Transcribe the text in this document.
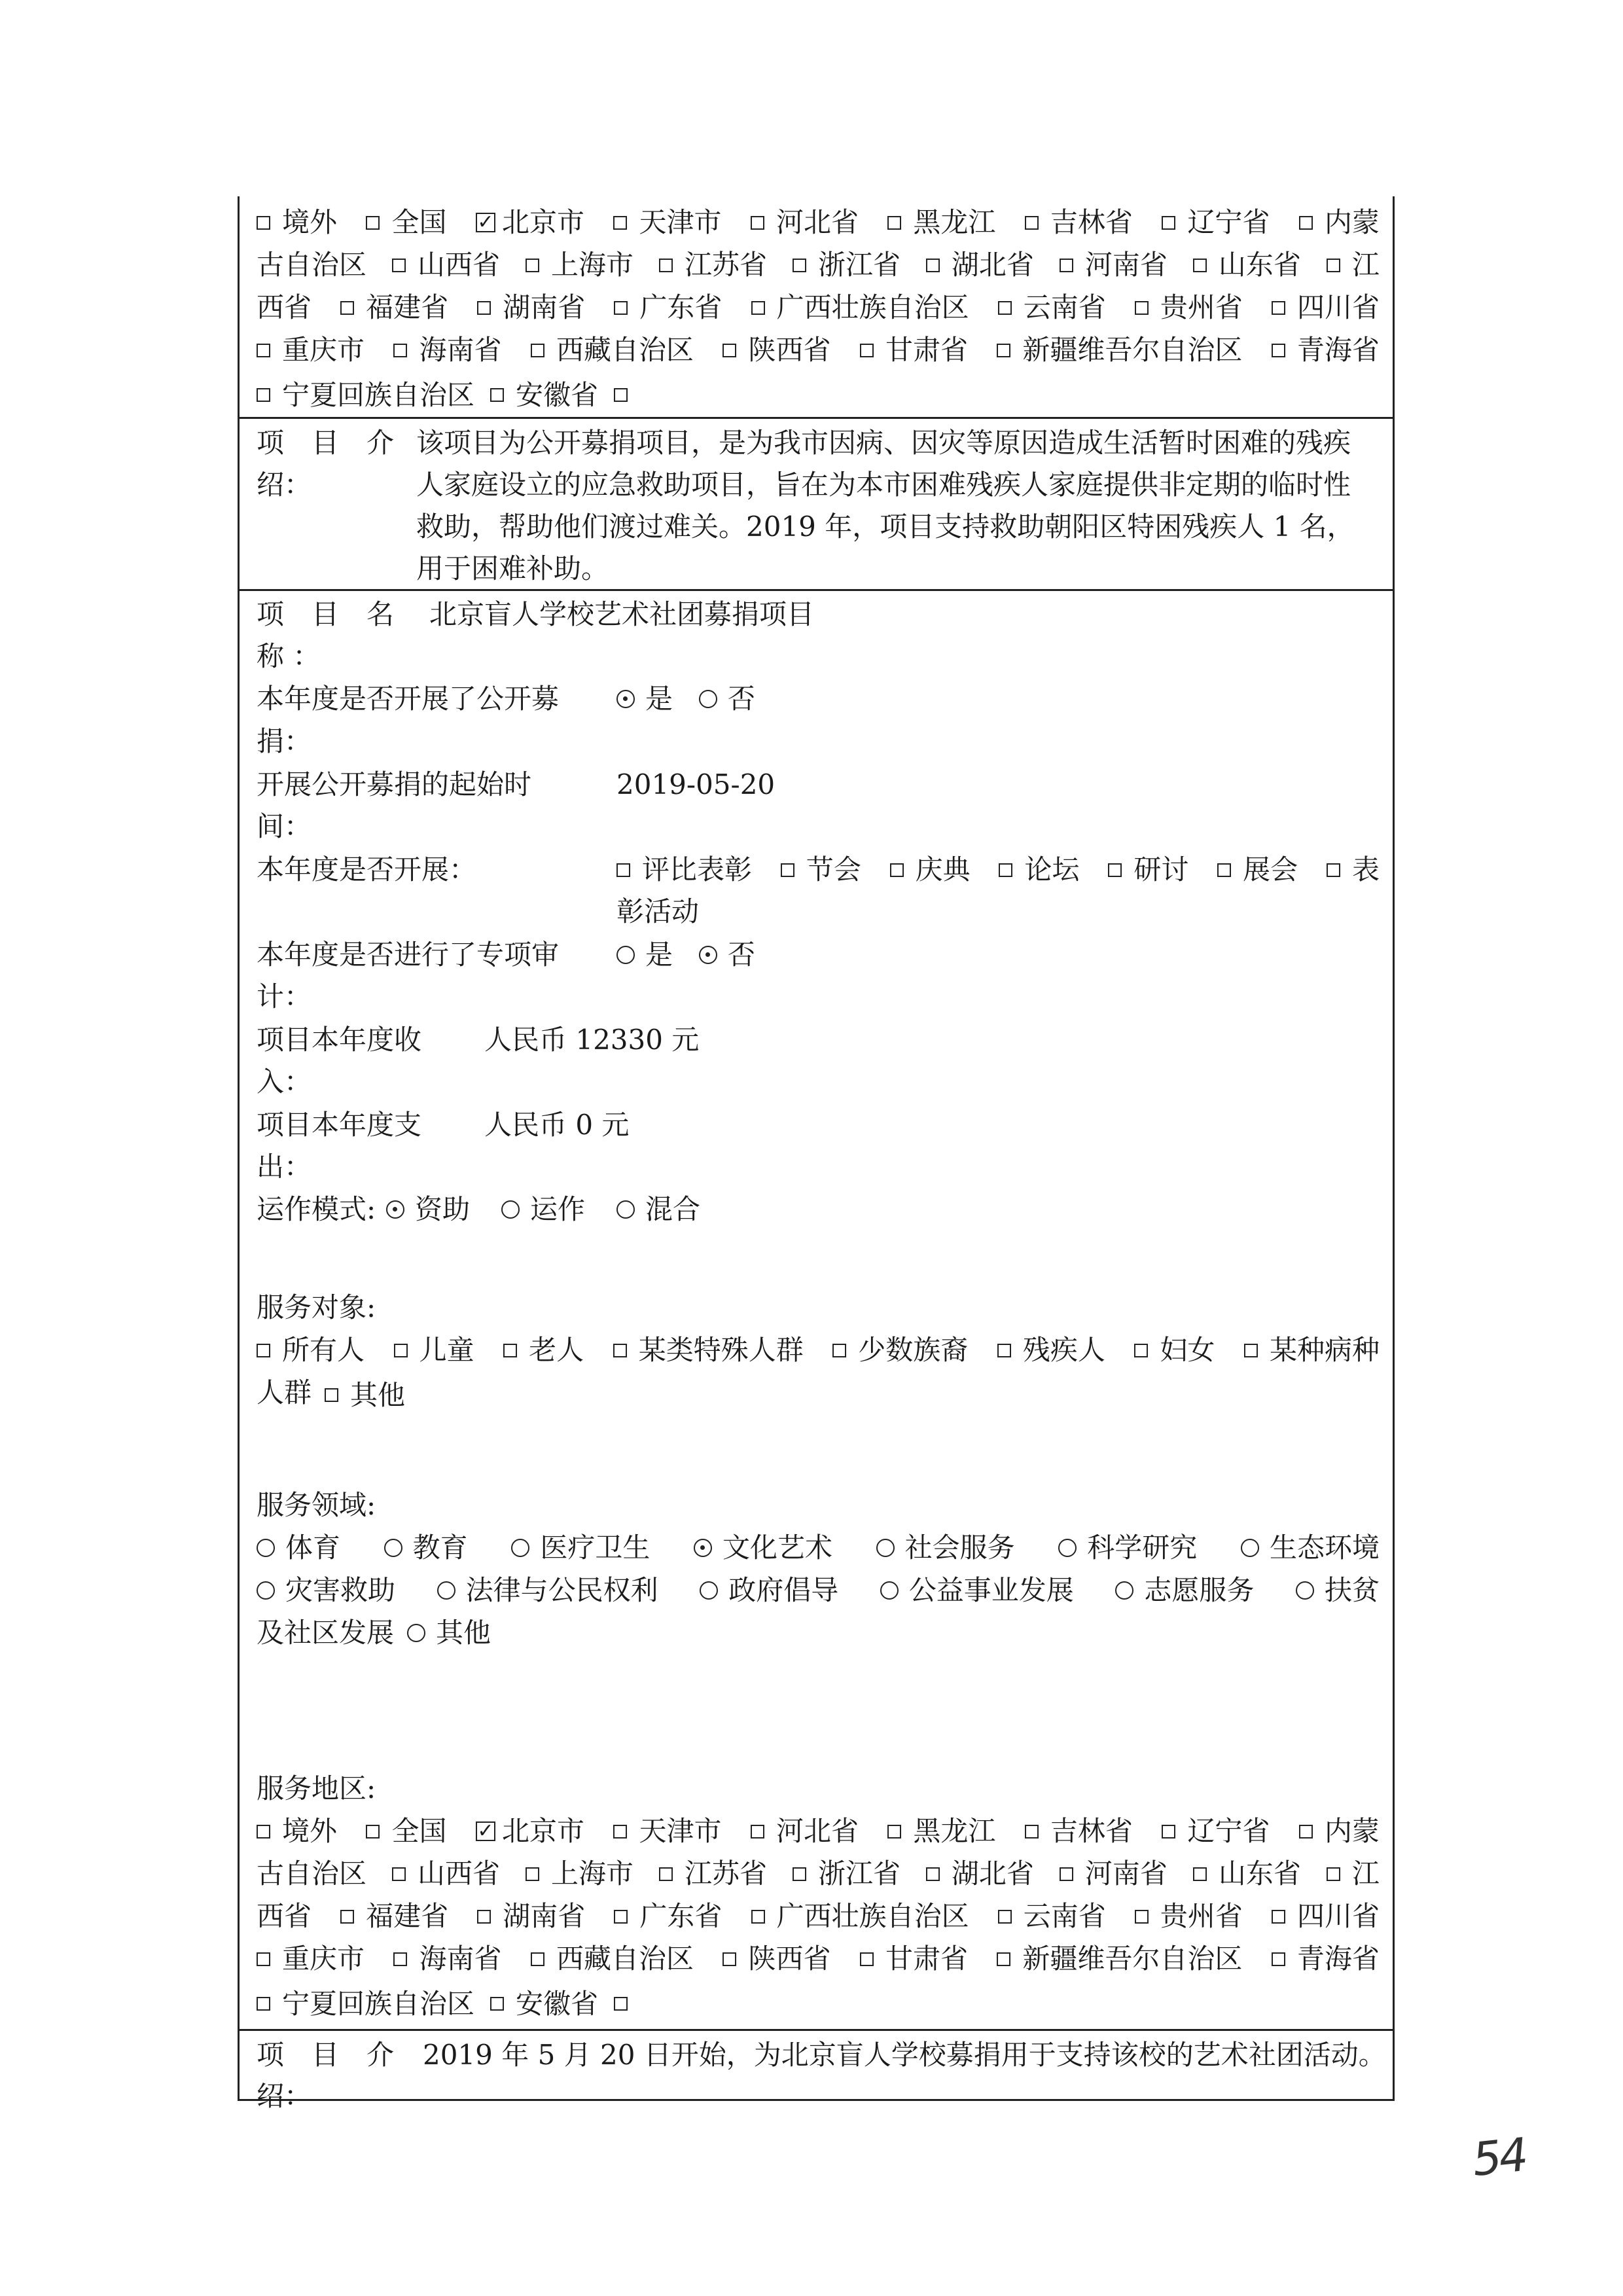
境外 全国 ✓ 北京市 天津市 河北省 黑龙江 吉林省 辽宁省 内蒙
古自治区 山西省 上海市 江苏省 浙江省 湖北省 河南省 山东省 江
西省 福建省 湖南省 广东省 广西壮族自治区 云南省 贵州省 四川省
重庆市 海南省 西藏自治区 陕西省 甘肃省 新疆维吾尔自治区 青海省
宁夏回族自治区 安徽省
项　目　介
绍：
该项目为公开募捐项目，是为我市因病、因灾等原因造成生活暂时困难的残疾
人家庭设立的应急救助项目，旨在为本市困难残疾人家庭提供非定期的临时性
救助，帮助他们渡过难关。2019 年，项目支持救助朝阳区特困残疾人 1 名，
用于困难补助。
项　目　名
称 ：
北京盲人学校艺术社团募捐项目
本年度是否开展了公开募
捐：
是 否
开展公开募捐的起始时
间：
2019-05-20
本年度是否开展：	评比表彰 节会 庆典 论坛 研讨 展会 表
彰活动
本年度是否进行了专项审
计：
是 否
项目本年度收
入：
人民币 12330 元
项目本年度支
出：
人民币 0 元
运作模式: 资助 运作 混合
服务对象:
所有人 儿童 老人 某类特殊人群 少数族裔 残疾人 妇女 某种病种
人群 其他
服务领域:
体育	教育	医疗卫生	文化艺术	社会服务	科学研究	生态环境
灾害救助	法律与公民权利	政府倡导	公益事业发展	志愿服务	扶贫
及社区发展 其他
服务地区:
境外 全国 ✓ 北京市 天津市 河北省 黑龙江 吉林省 辽宁省 内蒙
古自治区 山西省 上海市 江苏省 浙江省 湖北省 河南省 山东省 江
西省 福建省 湖南省 广东省 广西壮族自治区 云南省 贵州省 四川省
重庆市 海南省 西藏自治区 陕西省 甘肃省 新疆维吾尔自治区 青海省
宁夏回族自治区 安徽省
项　目　介
绍：
2019 年 5 月 20 日开始，为北京盲人学校募捐用于支持该校的艺术社团活动。
54
